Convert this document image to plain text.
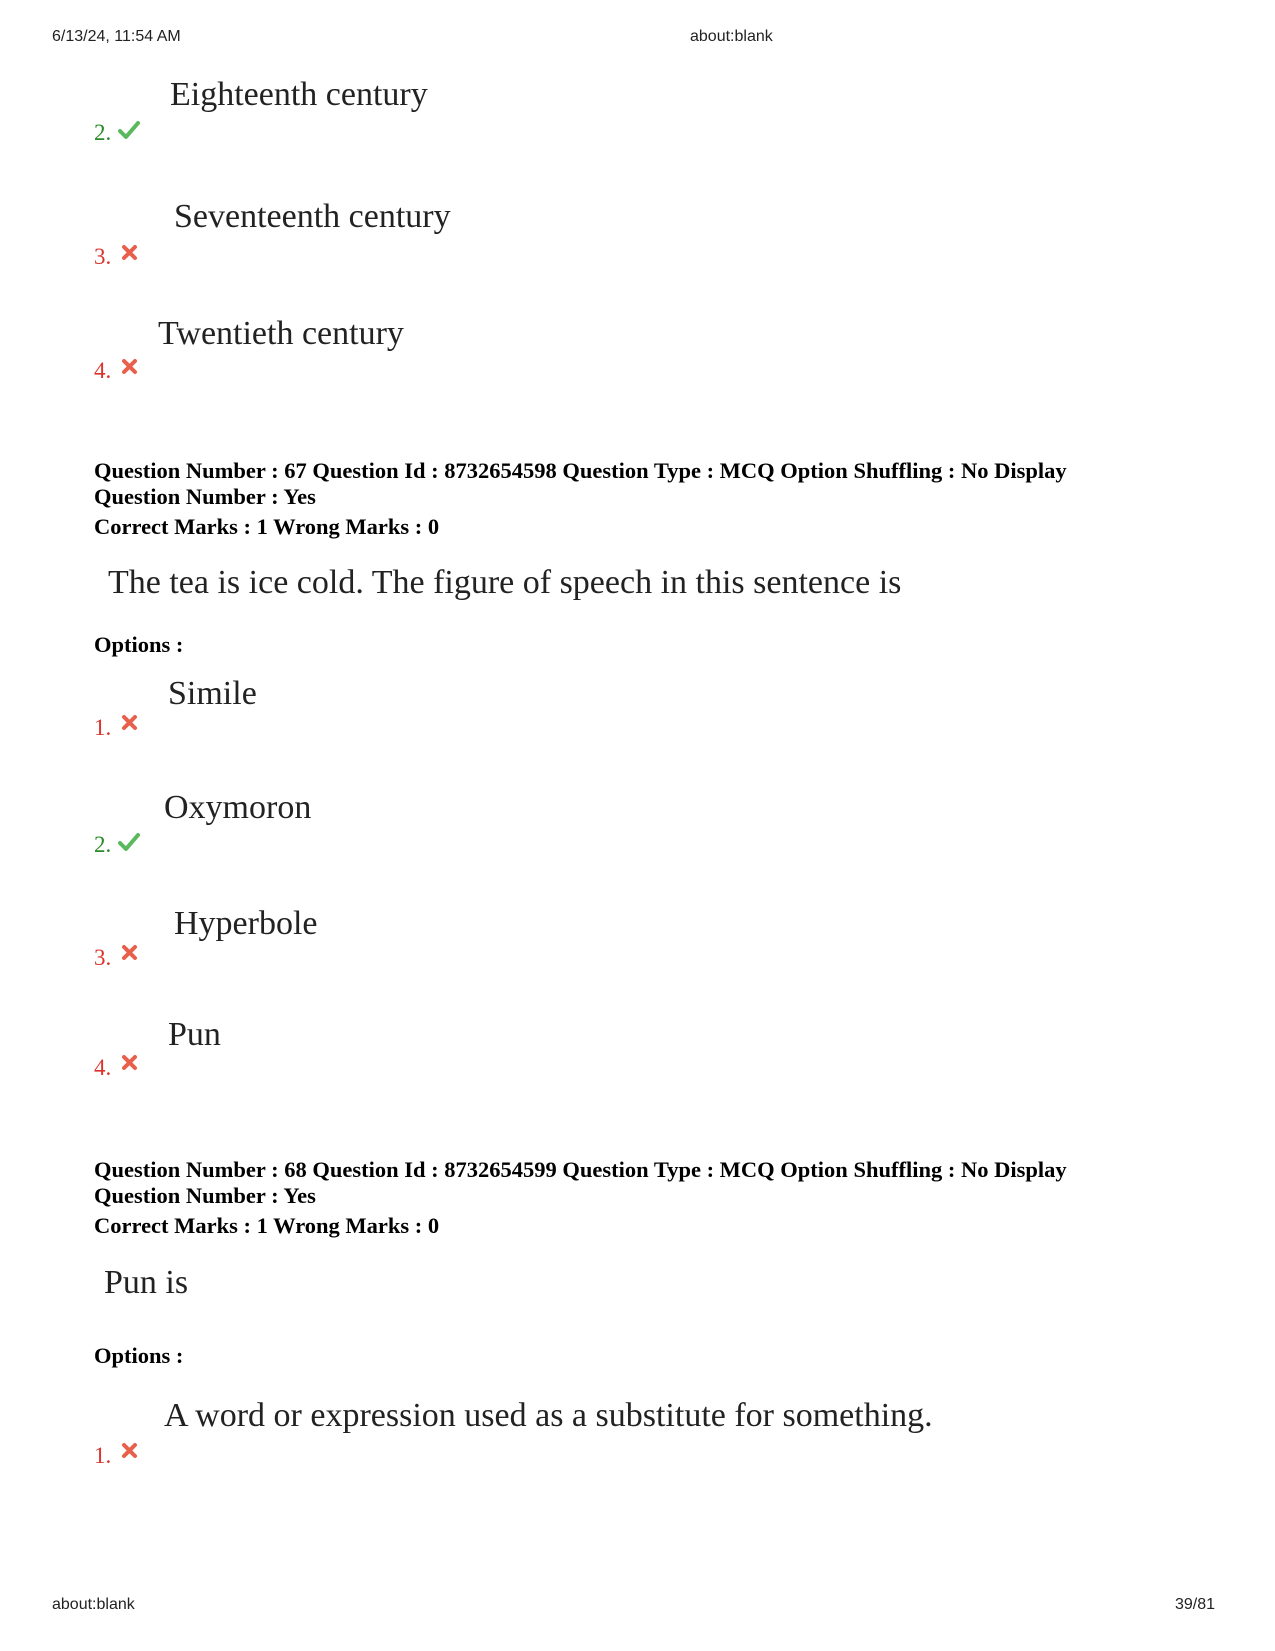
6/13/24, 11:54 AM	about:blank
about:blank	39/81
Eighteenth century
2.
Seventeenth century
3.
Twentieth century
4.
Question Number : 67 Question Id : 8732654598 Question Type : MCQ Option Shuffling : No Display
Question Number : Yes
Correct Marks : 1 Wrong Marks : 0
The tea is ice cold. The figure of speech in this sentence is
Options :
Simile
1.
Oxymoron
2.
Hyperbole
3.
Pun
4.
Question Number : 68 Question Id : 8732654599 Question Type : MCQ Option Shuffling : No Display
Question Number : Yes
Correct Marks : 1 Wrong Marks : 0
Pun is
Options :
A word or expression used as a substitute for something.
1.
